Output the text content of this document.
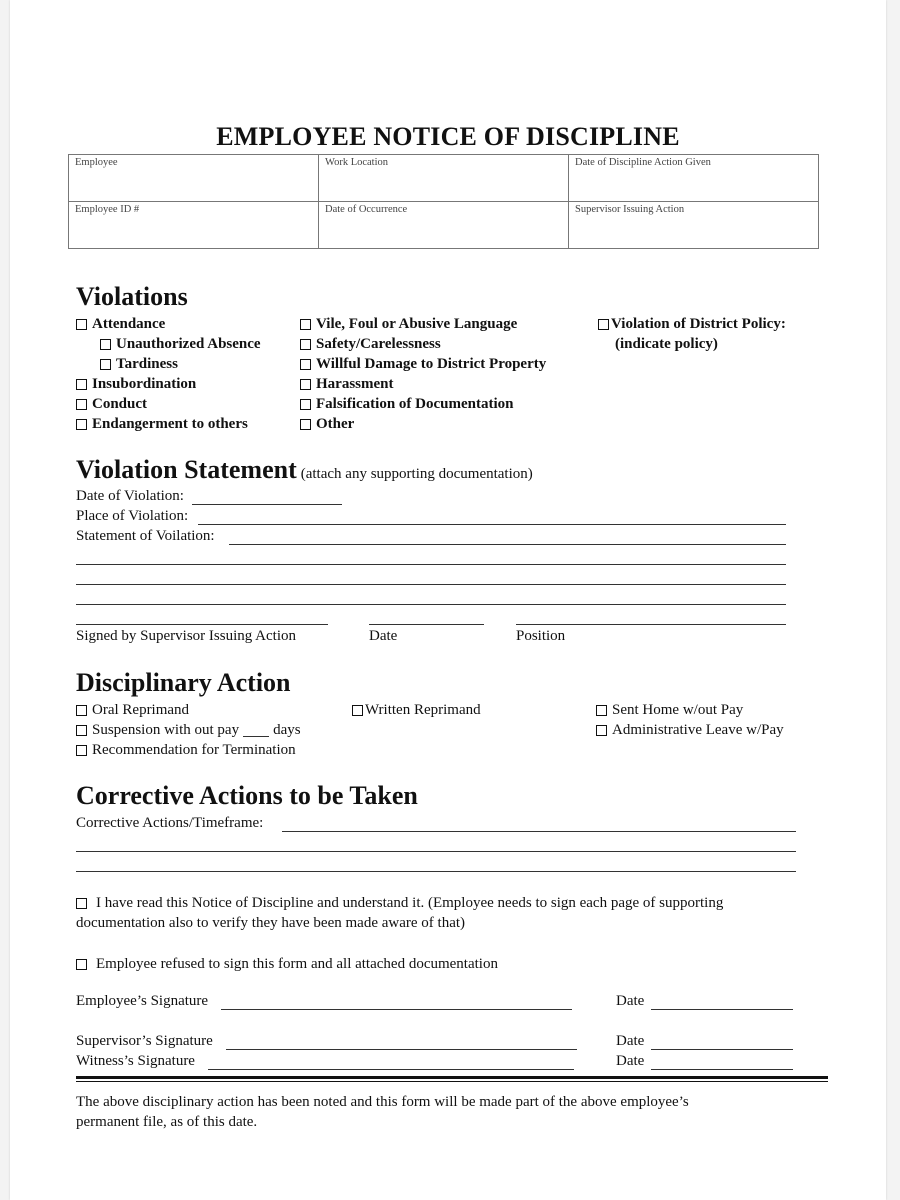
EMPLOYEE NOTICE OF DISCIPLINE
Employee	Work Location	Date of Discipline Action Given
Employee ID #	Date of Occurrence	Supervisor Issuing Action
Violations
Attendance
Unauthorized Absence
Tardiness
Insubordination
Conduct
Endangerment to others
Vile, Foul or Abusive Language
Safety/Carelessness
Willful Damage to District Property
Harassment
Falsification of Documentation
Other
Violation of District Policy:
(indicate policy)
Violation Statement (attach any supporting documentation)
Date of Violation:
Place of Violation:
Statement of Voilation:
Signed by Supervisor Issuing Action	Date	Position
Disciplinary Action
Oral Reprimand
Suspension with out pay days
Recommendation for Termination
Written Reprimand	Sent Home w/out Pay
Administrative Leave w/Pay
Corrective Actions to be Taken
Corrective Actions/Timeframe:
I have read this Notice of Discipline and understand it. (Employee needs to sign each page of supporting
documentation also to verify they have been made aware of that)
Employee refused to sign this form and all attached documentation
Employee’s Signature	Date
Supervisor’s Signature	Date
Witness’s Signature	Date
The above disciplinary action has been noted and this form will be made part of the above employee’s
permanent file, as of this date.
